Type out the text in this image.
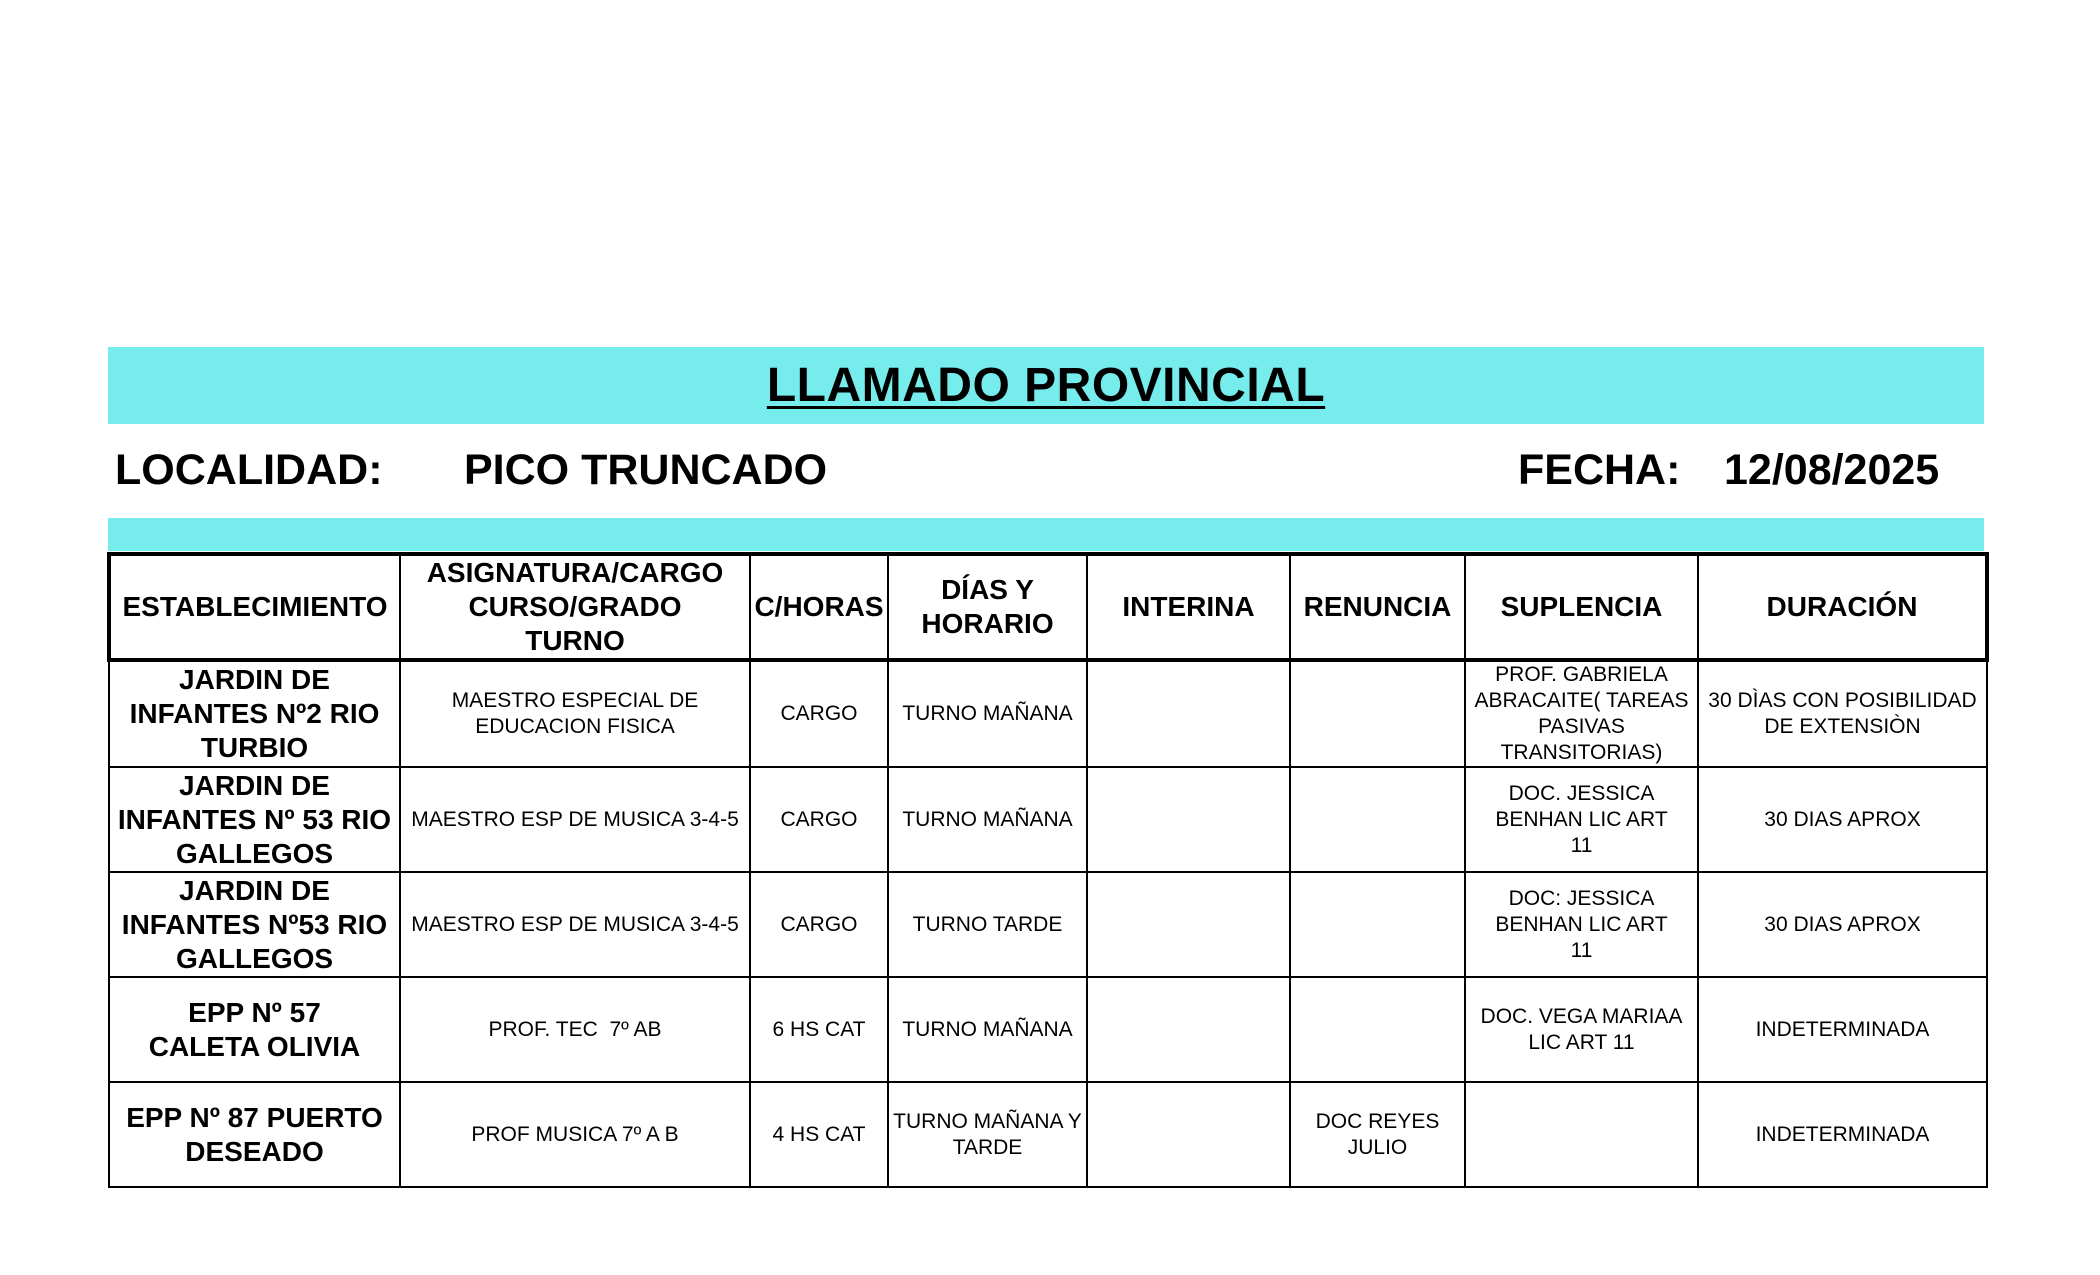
LLAMADO PROVINCIAL
LOCALIDAD: PICO TRUNCADO	FECHA: 12/08/2025
ESTABLECIMIENTO	ASIGNATURA/CARGO CURSO/GRADO TURNO	C/HORAS	DÍAS Y HORARIO	INTERINA	RENUNCIA	SUPLENCIA	DURACIÓN
JARDIN DE INFANTES Nº2 RIO TURBIO	MAESTRO ESPECIAL DE EDUCACION FISICA	CARGO	TURNO MAÑANA			PROF. GABRIELA ABRACAITE( TAREAS PASIVAS TRANSITORIAS)	30 DÌAS CON POSIBILIDAD DE EXTENSIÒN
JARDIN DE INFANTES Nº 53 RIO GALLEGOS	MAESTRO ESP DE MUSICA 3-4-5	CARGO	TURNO MAÑANA			DOC. JESSICA BENHAN LIC ART 11	30 DIAS APROX
JARDIN DE INFANTES Nº53 RIO GALLEGOS	MAESTRO ESP DE MUSICA 3-4-5	CARGO	TURNO TARDE			DOC: JESSICA BENHAN LIC ART 11	30 DIAS APROX
EPP Nº 57 CALETA OLIVIA	PROF. TEC  7º AB	6 HS CAT	TURNO MAÑANA			DOC. VEGA MARIAA LIC ART 11	INDETERMINADA
EPP Nº 87 PUERTO DESEADO	PROF MUSICA 7º A B	4 HS CAT	TURNO MAÑANA Y TARDE		DOC REYES JULIO		INDETERMINADA
